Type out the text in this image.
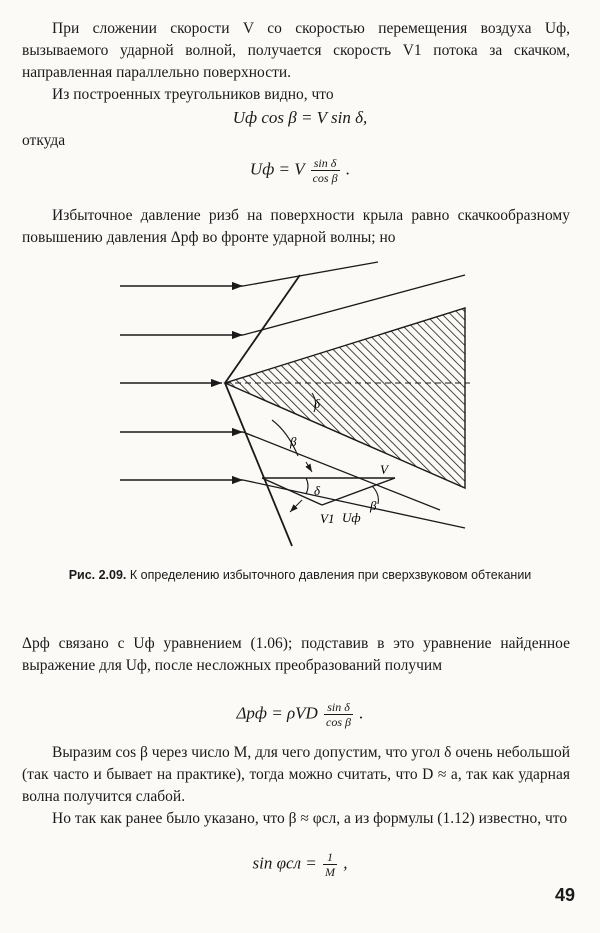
При сложении скорости V со скоростью перемещения воздуха Uф, вызываемого ударной волной, получается скорость V1 потока за скачком, направленная параллельно поверхности.

Из построенных треугольников видно, что

Uф cos β = V sin δ,

откуда

Uф = V $\frac{\text{sin δ}}{\text{cos β}}$ .

Избыточное давление pизб на поверхности крыла равно скачкообразному повышению давления Δpф во фронте ударной волны; но

δ
β
δ
V
V1 Uф
β

Рис. 2.09. К определению избыточного давления при сверхзвуковом обтекании

Δpф связано с Uф уравнением (1.06); подставив в это уравнение найденное выражение для Uф, после несложных преобразований получим

Δpф = ρVD $\frac{\text{sin δ}}{\text{cos β}}$ .

Выразим cos β через число M, для чего допустим, что угол δ очень небольшой (так часто и бывает на практике), тогда можно считать, что D ≈ a, так как ударная волна получится слабой.

Но так как ранее было указано, что β ≈ φсл, а из формулы (1.12) известно, что

$\sin \varphi сл = \frac{1}{M}$ ,

49
